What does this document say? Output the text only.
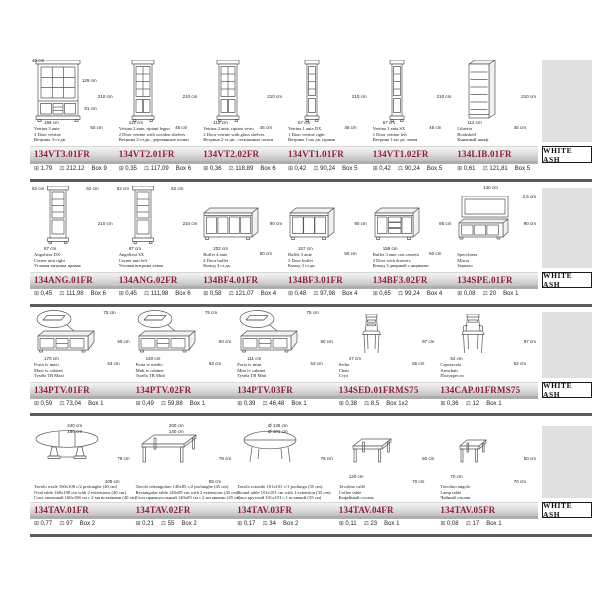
40 cm
129 cm
81 cm
210 cm
158 cm
50 cm
Vetrina 3 ante
3 Door vetrine
Ветрина 3-ст.дв.
112 cm
45 cm
210 cm
Vetrina 2 ante, ripiani legno
2 Door vetrine with wooden shelves
Ветрина 2-ст.дв., деревянные полки
112 cm
45 cm
210 cm
Vetrina 2 ante, ripiani vetro
2 Door vetrine with glass shelves
Ветрина 2-ст.дв., стеклянные полки
67 cm
45 cm
210 cm
Vetrina 1 anta DX
1 Door vetrine right
Ветрина 1-но дв. правая
67 cm
45 cm
210 cm
Vetrina 1 anta SX
1 Door vetrine left
Ветрина 1-но дв. левая
112 cm
45 cm
210 cm
Libreria
Bookshelf
Книжный шкаф
134VT3.01FR	134VT2.01FR	134VT2.02FR	134VT1.01FR	134VT1.02FR	134LIB.01FR	WHITE ASH
⊞ 1,79 ⚖ 212,12 Box 9 ⊞ 0,35 ⚖ 117,09 Box 6 ⊞ 0,36 ⚖ 118,89 Box 6 ⊞ 0,42 ⚖ 90,24 Box 5	⊞ 0,42 ⚖ 90,24 Box 5	⊞ 0,61 ⚖ 121,81 Box 5
62 cm	62 cm
87 cm
210 cm
Angoliera DX
Corner unit right
Угловая витрина правая
62 cm	62 cm
87 cm
210 cm
Angoliera SX
Corner unit left
Угловая витрина левая
202 cm
50 cm
90 cm
Buffet 4 ante
4 Door buffet
Комод 4 ст.дв.
157 cm
50 cm
90 cm
Buffet 3 ante
3 Door buffet
Комод 3 ст.дв.
158 cm
50 cm
85 cm
Buffet 3 ante con cassetti
3 Door with drawers
Комод 3 дверный с ящиками
140 cm
2,5 cm
90 cm
Specchiera
Mirror
Зеркало
134ANG.01FR	134ANG.02FR	134BF4.01FR	134BF3.01FR	134BF3.02FR	134SPE.01FR	WHITE ASH
⊞ 0,45 ⚖ 111,98 Box 6 ⊞ 0,45 ⚖ 111,98 Box 6 ⊞ 0,58 ⚖ 121,07 Box 4 ⊞ 0,48 ⚖ 97,98 Box 4	⊞ 0,65 ⚖ 99,24 Box 4	⊞ 0,08 ⚖ 20 Box 1
75 cm
170 cm
53 cm
50 cm
Porta tv maxi
Maxi tv cabinet
Тумба ТВ Maxi
75 cm
140 cm
53 cm
50 cm
Porta tv medio
Midi tv cabinet
Тумба ТВ Midi
75 cm
111 cm
53 cm
50 cm
Porta tv mini
Mini tv cabinet
Тумба ТВ Mini
97 cm
47 cm
55 cm
Sedia
Chair
Стул
97 cm
54 cm
62 cm
Capotavola
Armchair
Полукресло
134PTV.01FR	134PTV.02FR	134PTV.03FR	134SED.01FRMS75 134CAP.01FRMS75	WHITE ASH
⊞ 0,59 ⚖ 73,04 Box 1	⊞ 0,49 ⚖ 59,88 Box 1	⊞ 0,39 ⚖ 46,48 Box 1	⊞ 0,38 ⚖ 8,5 Box 1x2	⊞ 0,36 ⚖ 12 Box 1
240 cm
160 cm
78 cm
108 cm
Tavolo ovale 160x108 c/2 prolunghe (40 cm)
Oval table 160x108 cm with 2 extensions (40 cm)
Стол овальный 160х108 см с 2-мя вставками (40 см)
200 cm
140 cm
78 cm
85 cm
Tavolo rettangolare 140x85 c/2 prolunghe (45 cm)
Rectangular table 140x85 cm with 2 extensions (45 cm)
Стол прямоугольный 140х85 см с 2 вставками (45 см)
Ø 136 cm
Ø 101 cm
78 cm
Tavolo rotondo 101x101 c/1 prolunga (35 cm)
Round table 101x101 cm with 1 extension (35 cm)
Стол круглый 101х101 с 1 вставкой (35 см)
120 cm
50 cm
70 cm
Tavolino caffè
Coffee table
Кофейный столик
70 cm
50 cm
70 cm
Tavolino angolo
Lamp table
Чайный столик
134TAV.01FR	134TAV.02FR	134TAV.03FR	134TAV.04FR	134TAV.05FR	WHITE ASH
⊞ 0,77 ⚖ 97 Box 2	⊞ 0,21 ⚖ 55 Box 2	⊞ 0,17 ⚖ 34 Box 2	⊞ 0,11 ⚖ 23 Box 1	⊞ 0,08 ⚖ 17 Box 1
